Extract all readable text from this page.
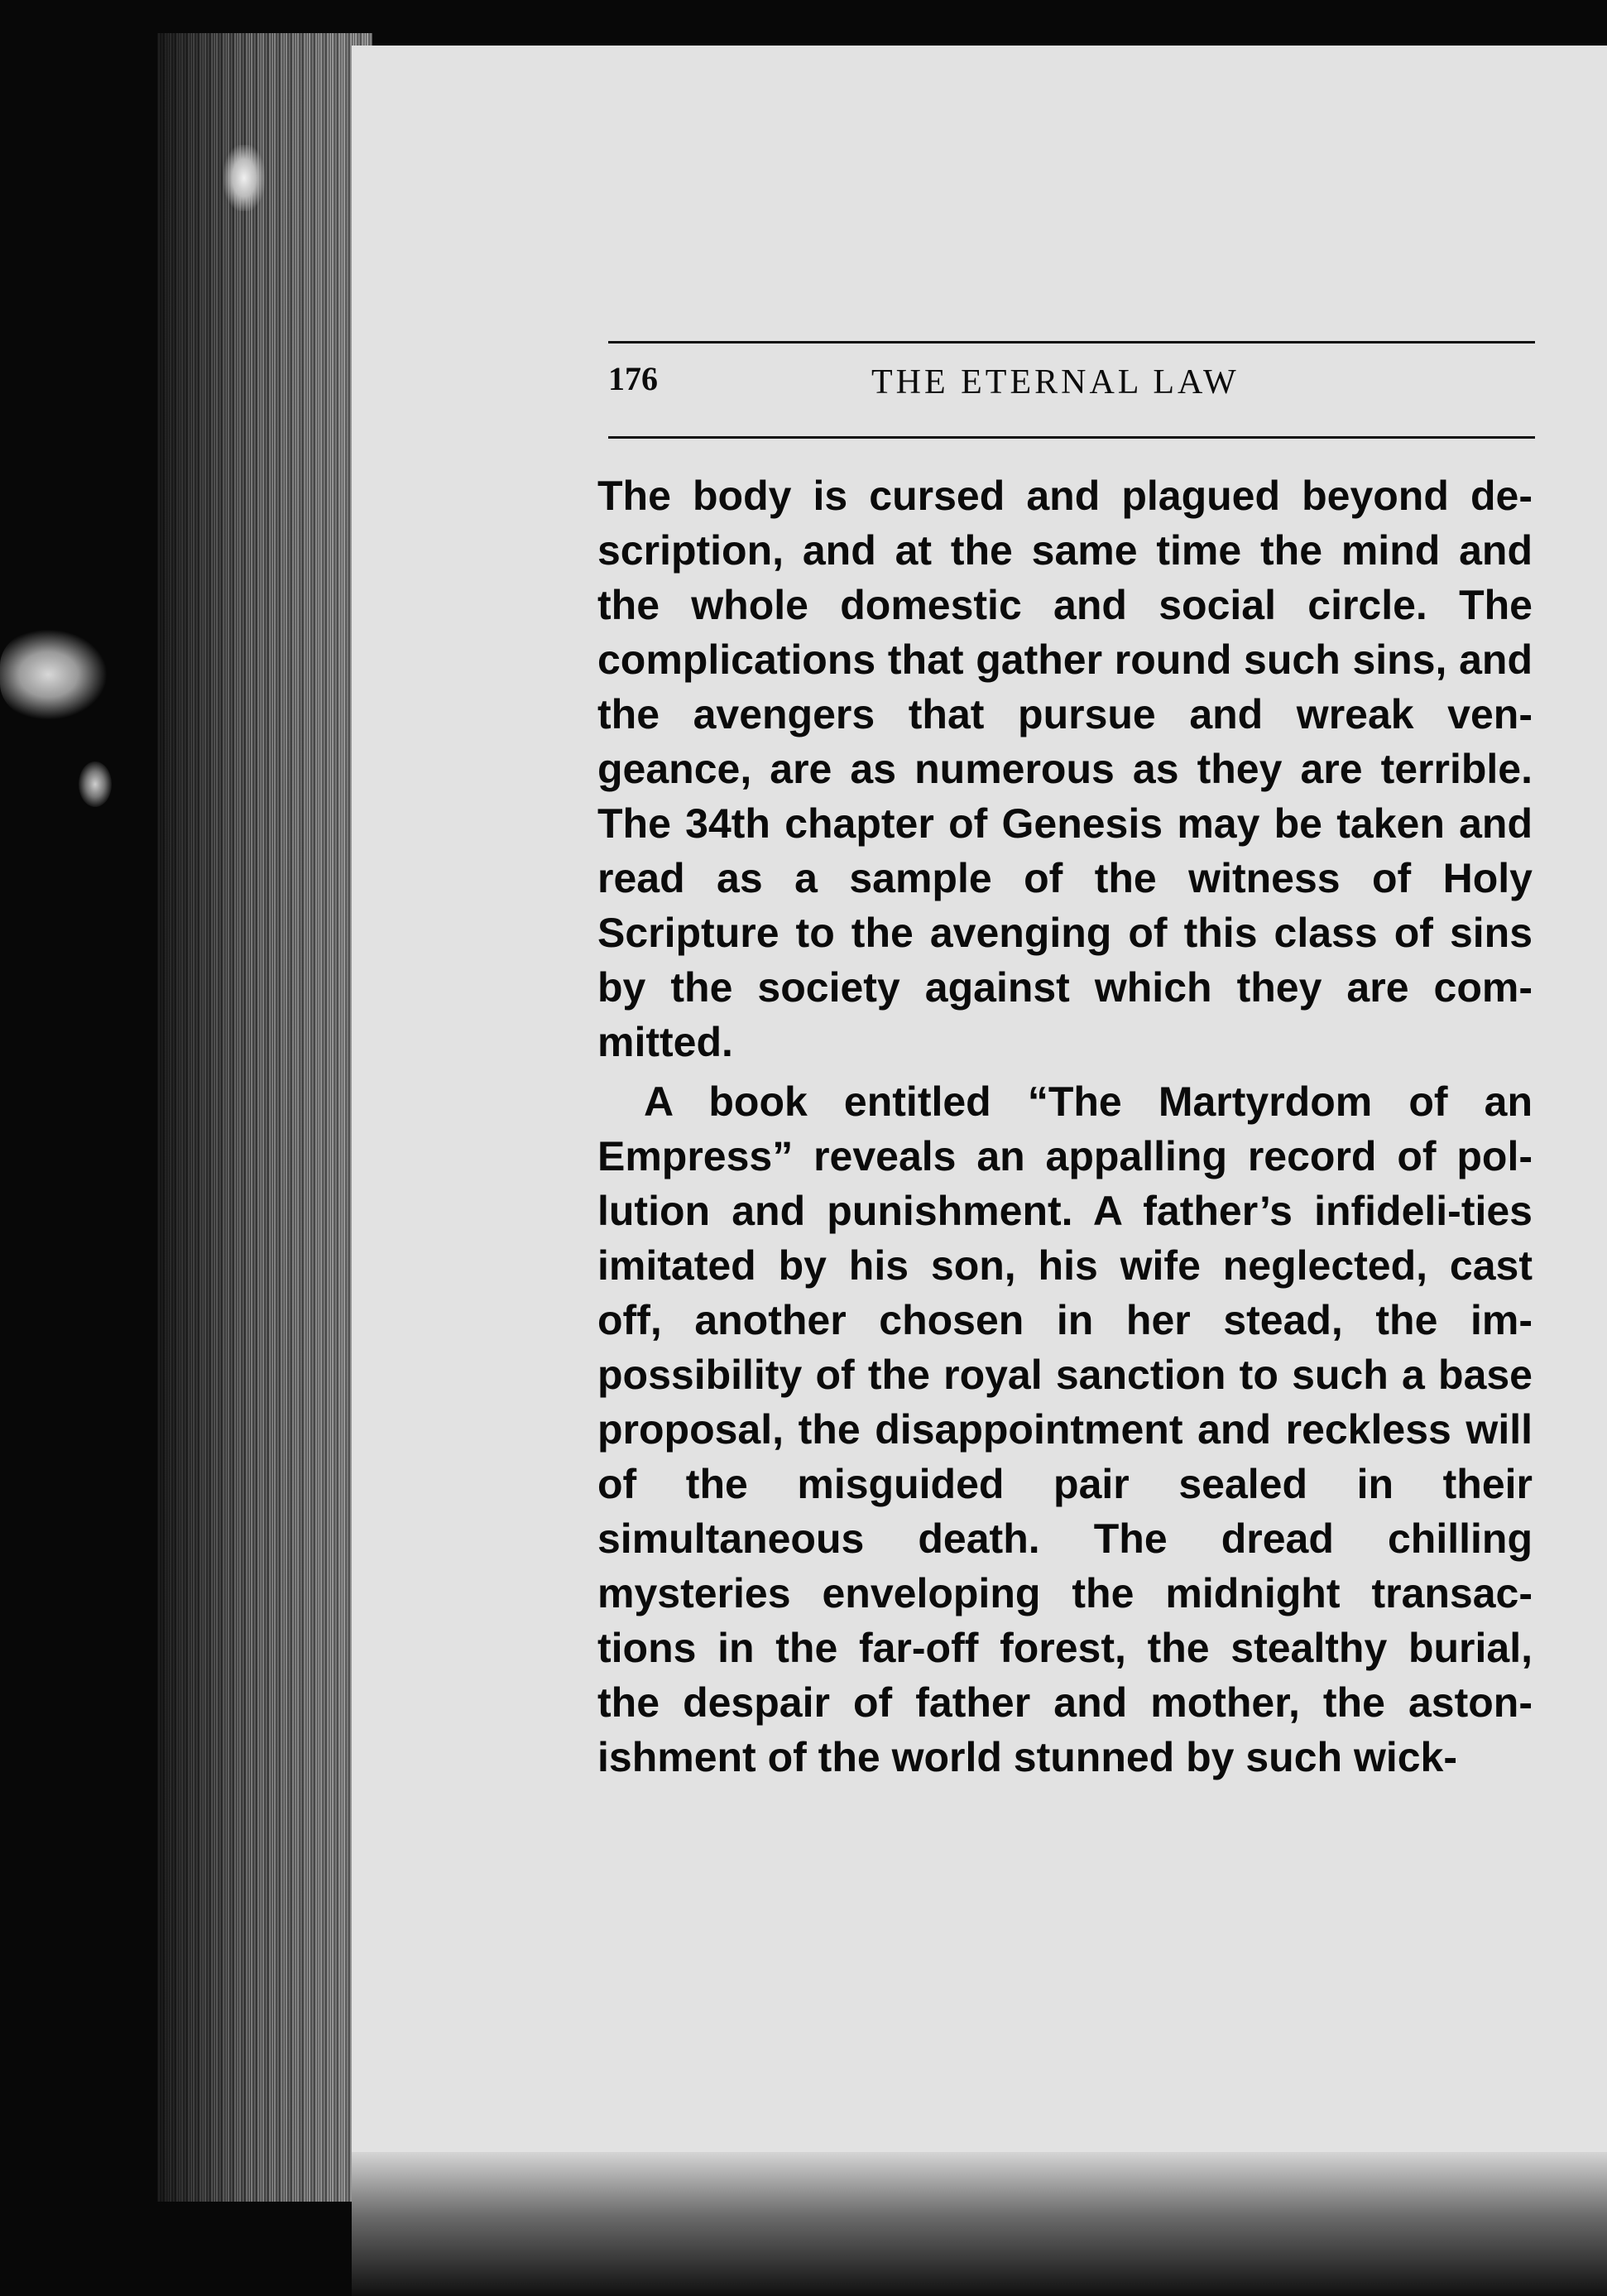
176	THE ETERNAL LAW

The body is cursed and plagued beyond de-scription, and at the same time the mind and the whole domestic and social circle. The complications that gather round such sins, and the avengers that pursue and wreak ven-geance, are as numerous as they are terrible. The 34th chapter of Genesis may be taken and read as a sample of the witness of Holy Scripture to the avenging of this class of sins by the society against which they are com-mitted.

A book entitled “The Martyrdom of an Empress” reveals an appalling record of pol-lution and punishment. A father’s infideli-ties imitated by his son, his wife neglected, cast off, another chosen in her stead, the im-possibility of the royal sanction to such a base proposal, the disappointment and reckless will of the misguided pair sealed in their simultaneous death. The dread chilling mysteries enveloping the midnight transac-tions in the far-off forest, the stealthy burial, the despair of father and mother, the aston-ishment of the world stunned by such wick-
